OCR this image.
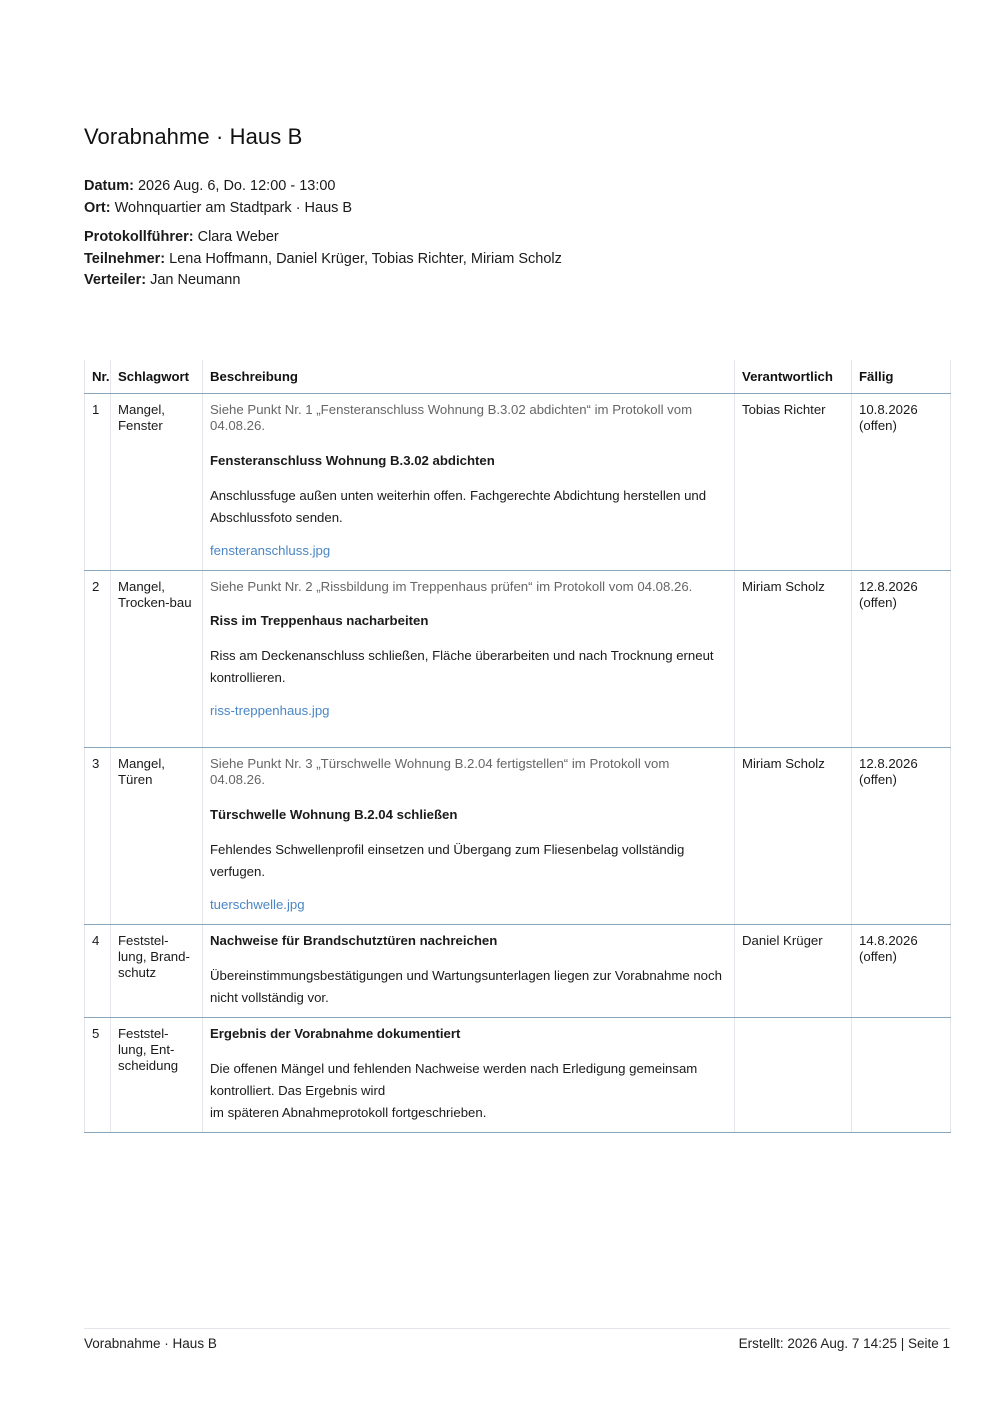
Vorabnahme · Haus B
Datum: 2026 Aug. 6, Do. 12:00 - 13:00
Ort: Wohnquartier am Stadtpark · Haus B
Protokollführer: Clara Weber
Teilnehmer: Lena Hoffmann, Daniel Krüger, Tobias Richter, Miriam Scholz
Verteiler: Jan Neumann
Nr.	Schlagwort	Beschreibung	Verantwortlich	Fällig
1	Mangel, Fenster	Siehe Punkt Nr. 1 „Fensteranschluss Wohnung B.3.02 abdichten“ im Protokoll vom 04.08.26.
Fensteranschluss Wohnung B.3.02 abdichten
Anschlussfuge außen unten weiterhin offen. Fachgerechte Abdichtung herstellen und Abschlussfoto senden.
fensteranschluss.jpg	Tobias Richter	10.8.2026 (offen)
2	Mangel, Trocken-bau	Siehe Punkt Nr. 2 „Rissbildung im Treppenhaus prüfen“ im Protokoll vom 04.08.26.
Riss im Treppenhaus nacharbeiten
Riss am Deckenanschluss schließen, Fläche überarbeiten und nach Trocknung erneut kontrollieren.
riss-treppenhaus.jpg	Miriam Scholz	12.8.2026 (offen)
3	Mangel, Türen	Siehe Punkt Nr. 3 „Türschwelle Wohnung B.2.04 fertigstellen“ im Protokoll vom 04.08.26.
Türschwelle Wohnung B.2.04 schließen
Fehlendes Schwellenprofil einsetzen und Übergang zum Fliesenbelag vollständig verfugen.
tuerschwelle.jpg	Miriam Scholz	12.8.2026 (offen)
4	Feststel-lung, Brand-schutz	Nachweise für Brandschutztüren nachreichen
Übereinstimmungsbestätigungen und Wartungsunterlagen liegen zur Vorabnahme noch nicht vollständig vor.	Daniel Krüger	14.8.2026 (offen)
5	Feststel-lung, Ent-scheidung	Ergebnis der Vorabnahme dokumentiert
Die offenen Mängel und fehlenden Nachweise werden nach Erledigung gemeinsam kontrolliert. Das Ergebnis wird
im späteren Abnahmeprotokoll fortgeschrieben.		

Vorabnahme · Haus B	Erstellt: 2026 Aug. 7 14:25 | Seite 1
